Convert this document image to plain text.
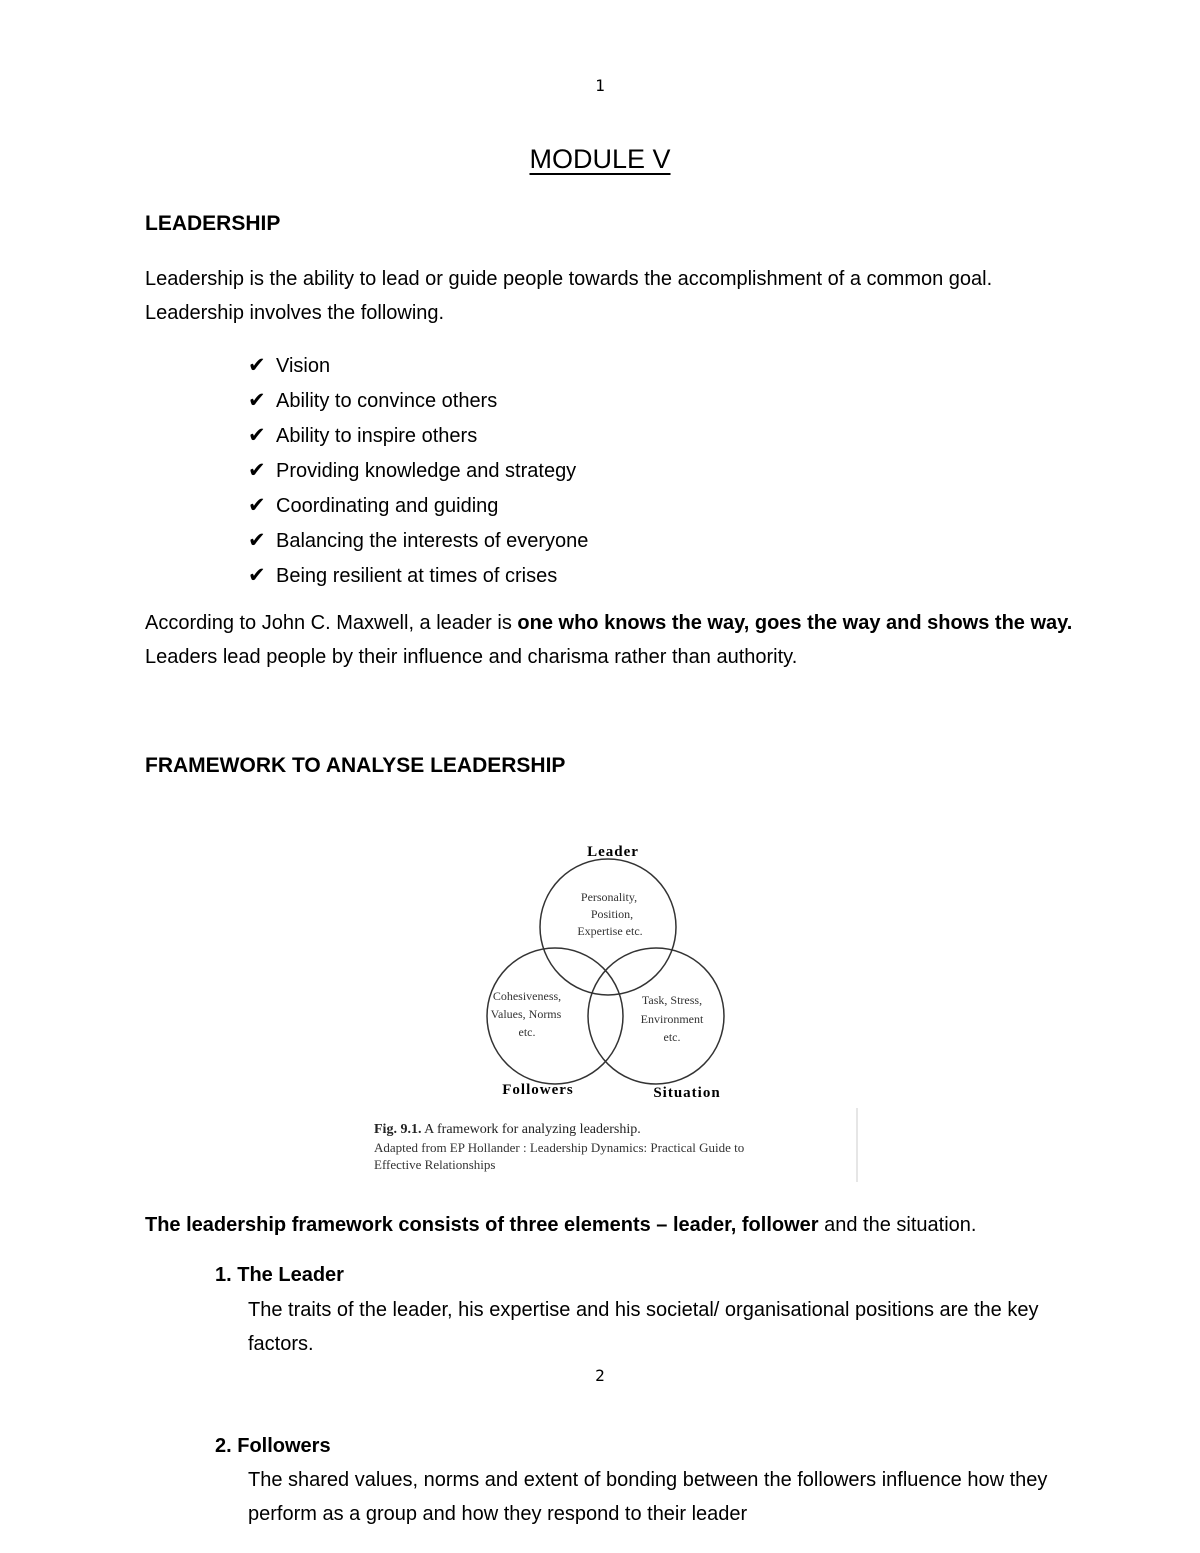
1
MODULE V
LEADERSHIP
Leadership is the ability to lead or guide people towards the accomplishment of a common goal. Leadership involves the following.
✔ Vision
✔ Ability to convince others
✔ Ability to inspire others
✔ Providing knowledge and strategy
✔ Coordinating and guiding
✔ Balancing the interests of everyone
✔ Being resilient at times of crises
According to John C. Maxwell, a leader is one who knows the way, goes the way and shows the way. Leaders lead people by their influence and charisma rather than authority.
FRAMEWORK TO ANALYSE LEADERSHIP
Leader
Personality,
Position,
Expertise etc.
Cohesiveness,
Values, Norms
etc.
Task, Stress,
Environment
etc.
Followers	Situation
Fig. 9.1. A framework for analyzing leadership.
Adapted from EP Hollander : Leadership Dynamics: Practical Guide to
Effective Relationships
The leadership framework consists of three elements – leader, follower and the situation.
1. The Leader
The traits of the leader, his expertise and his societal/ organisational positions are the key factors.
2
2. Followers
The shared values, norms and extent of bonding between the followers influence how they perform as a group and how they respond to their leader
